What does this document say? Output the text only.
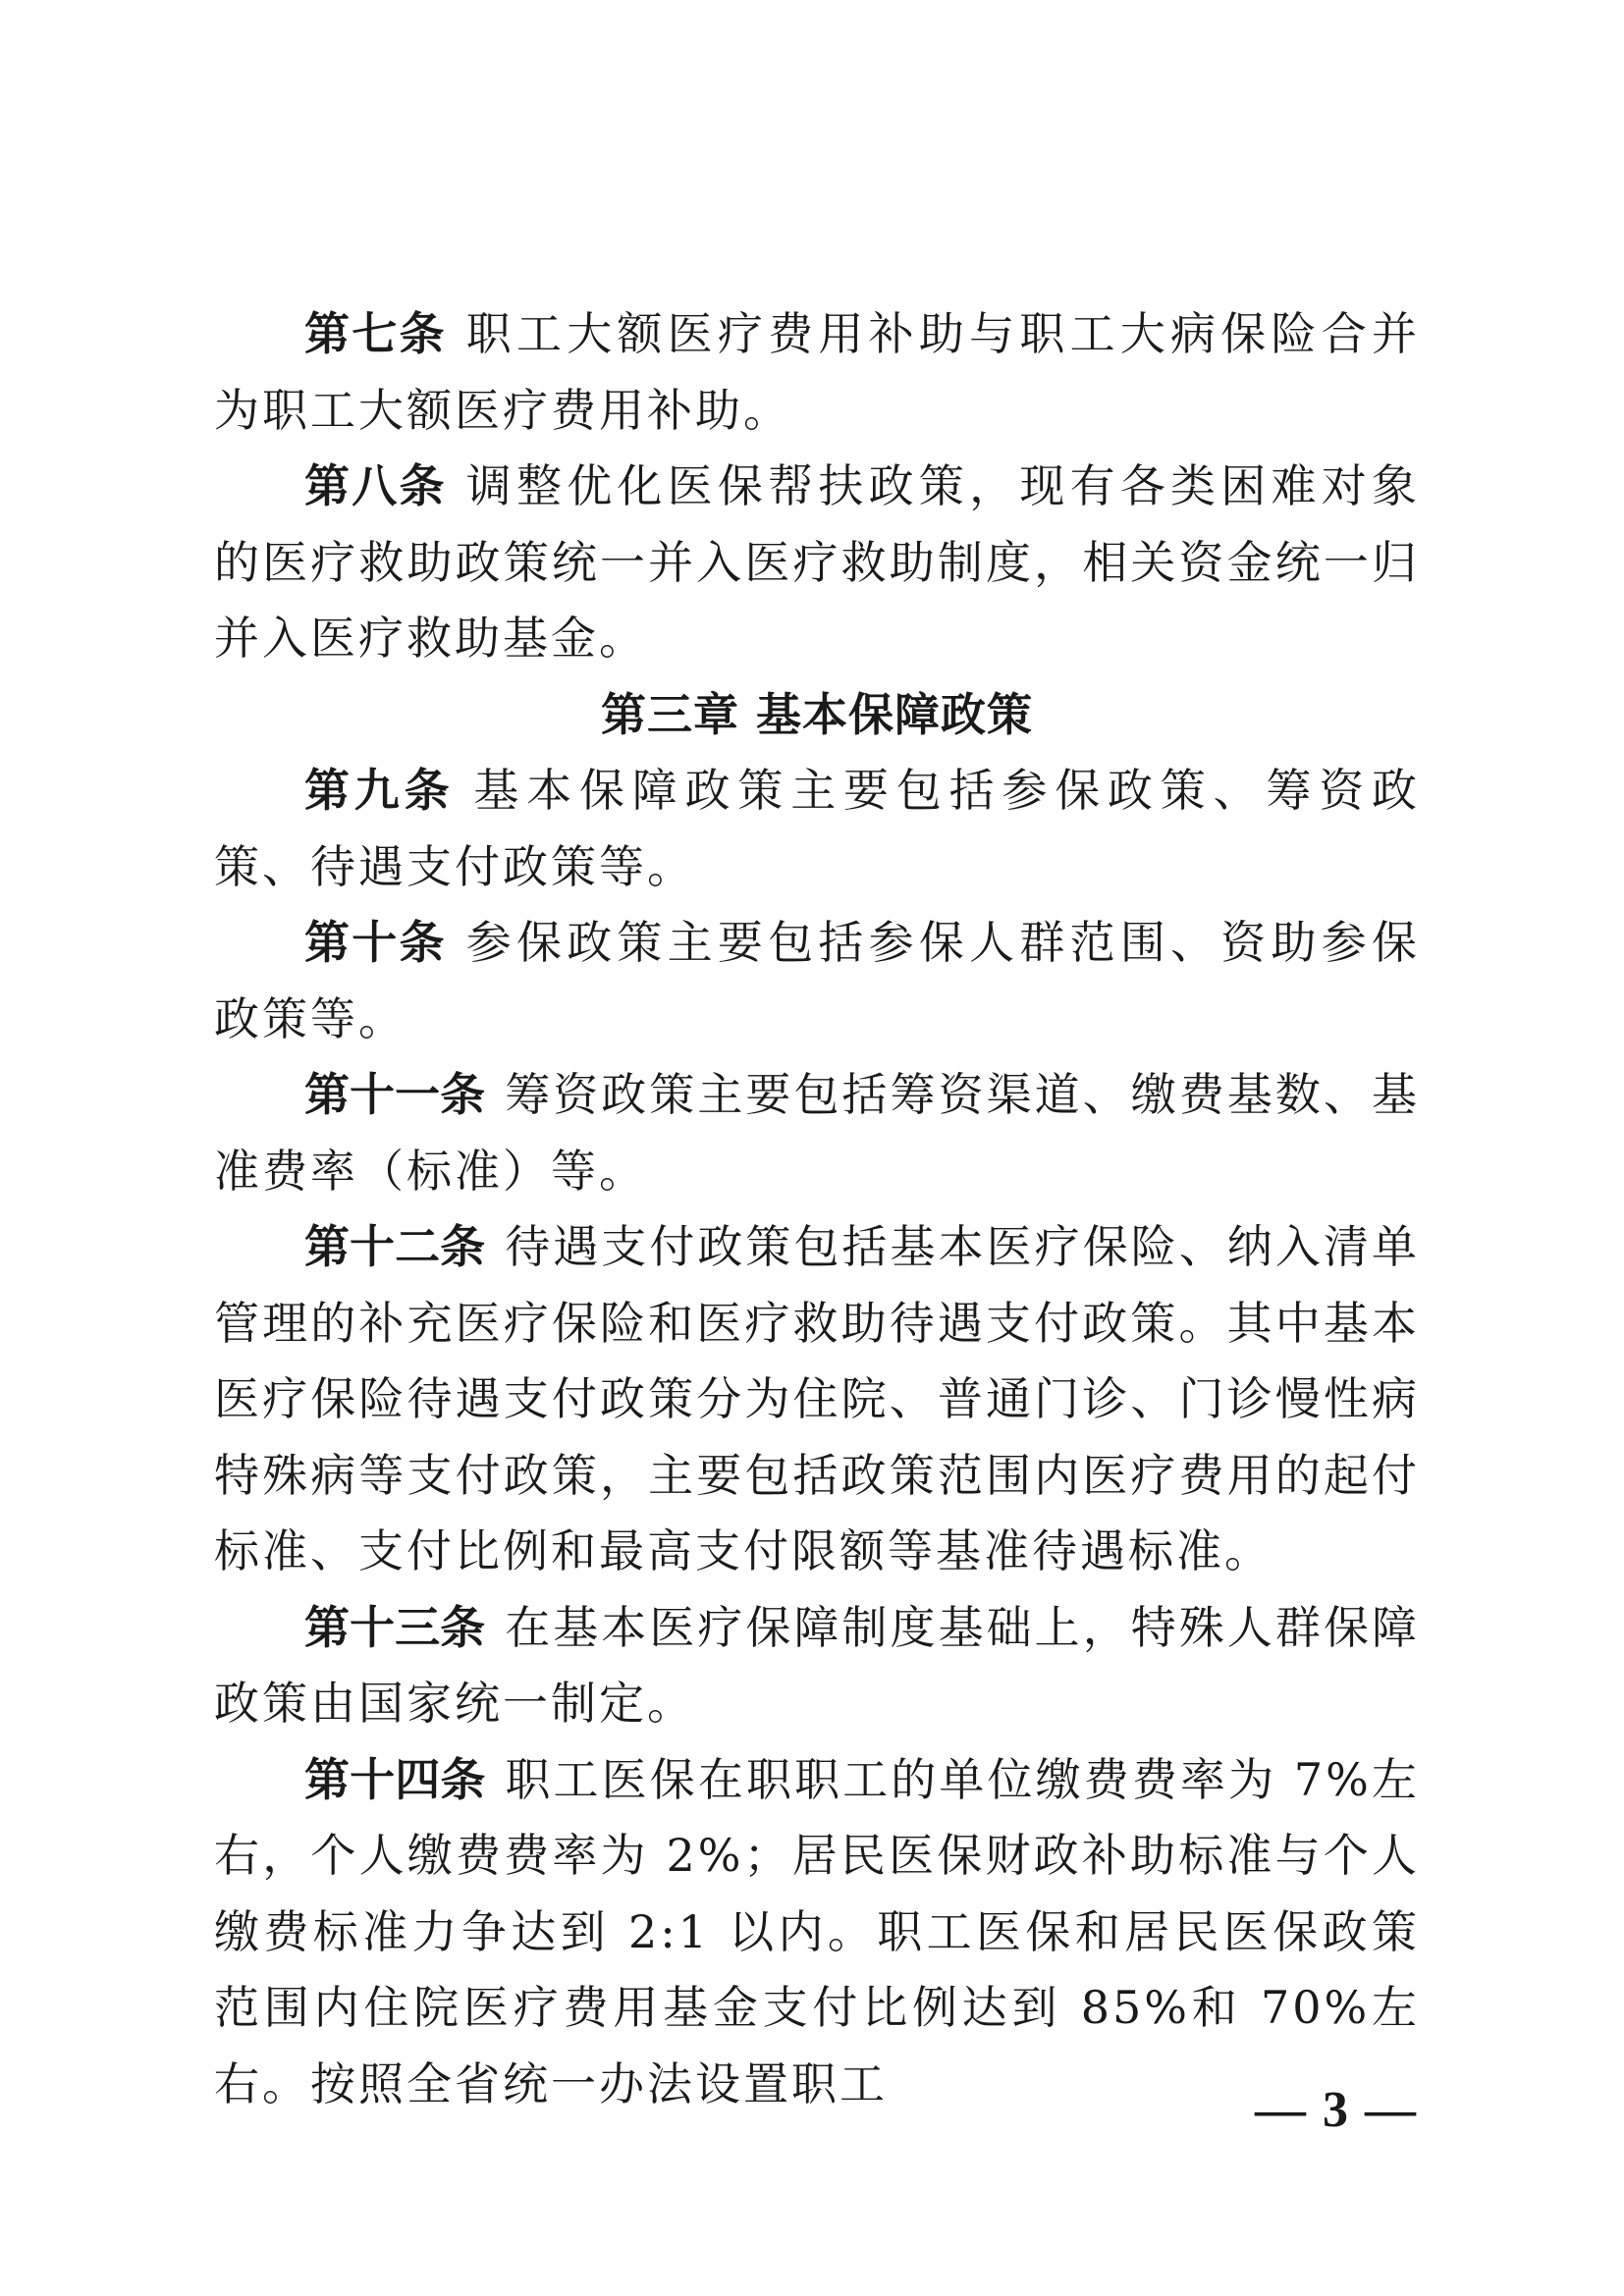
第七条 职工大额医疗费用补助与职工大病保险合并为职工大额医疗费用补助。

第八条 调整优化医保帮扶政策，现有各类困难对象的医疗救助政策统一并入医疗救助制度，相关资金统一归并入医疗救助基金。

第三章 基本保障政策

第九条 基本保障政策主要包括参保政策、筹资政策、待遇支付政策等。

第十条 参保政策主要包括参保人群范围、资助参保政策等。

第十一条 筹资政策主要包括筹资渠道、缴费基数、基准费率（标准）等。

第十二条 待遇支付政策包括基本医疗保险、纳入清单管理的补充医疗保险和医疗救助待遇支付政策。其中基本医疗保险待遇支付政策分为住院、普通门诊、门诊慢性病特殊病等支付政策，主要包括政策范围内医疗费用的起付标准、支付比例和最高支付限额等基准待遇标准。

第十三条 在基本医疗保障制度基础上，特殊人群保障政策由国家统一制定。

第十四条 职工医保在职职工的单位缴费费率为 7%左右，个人缴费费率为 2%；居民医保财政补助标准与个人缴费标准力争达到 2:1 以内。职工医保和居民医保政策范围内住院医疗费用基金支付比例达到 85%和 70%左右。按照全省统一办法设置职工	— 3 —
